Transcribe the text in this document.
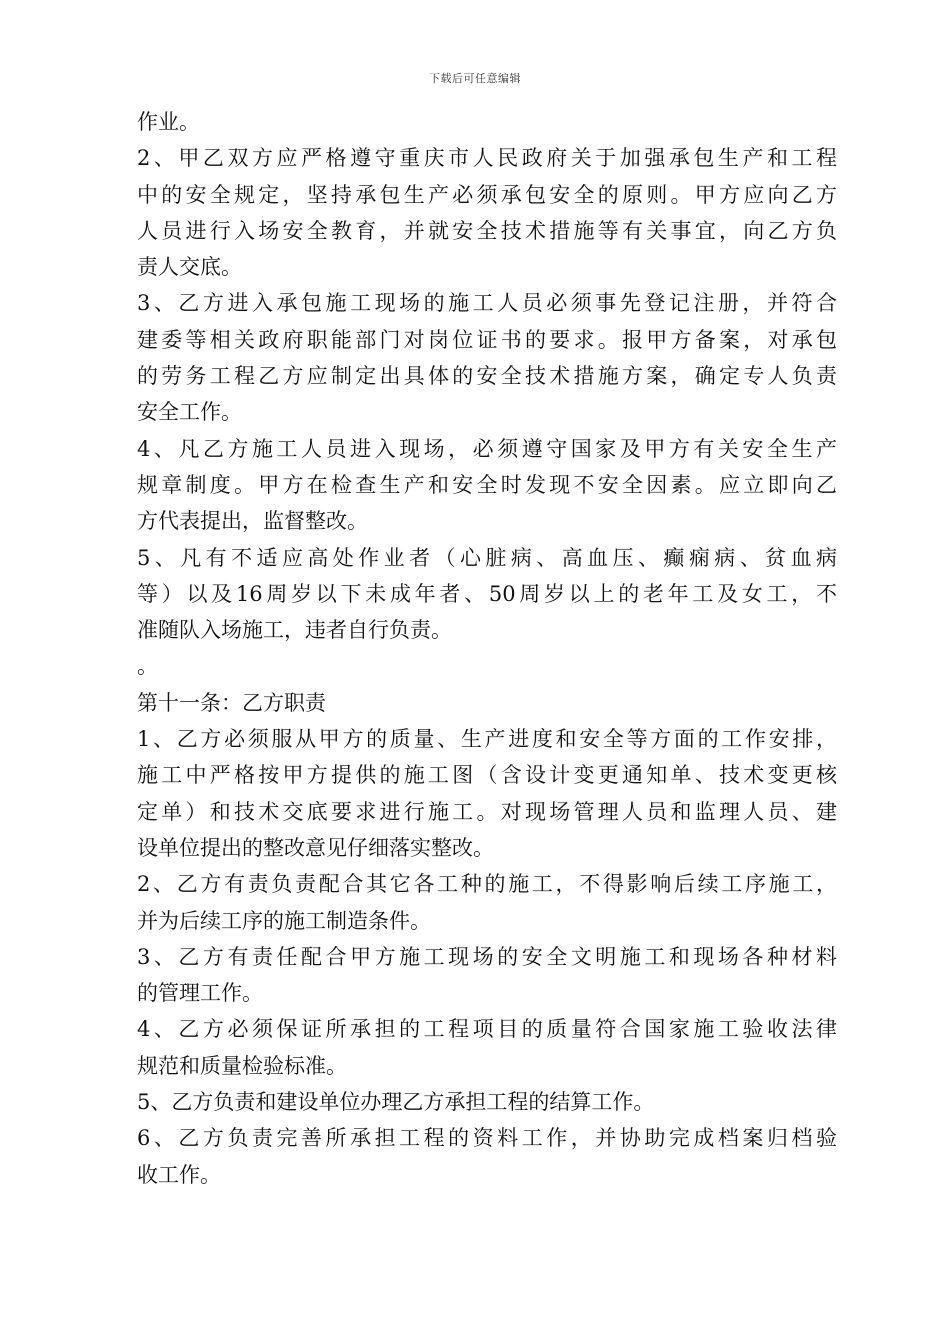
下载后可任意编辑
作业。
2、甲乙双方应严格遵守重庆市人民政府关于加强承包生产和工程
中的安全规定，坚持承包生产必须承包安全的原则。甲方应向乙方
人员进行入场安全教育，并就安全技术措施等有关事宜，向乙方负
责人交底。
3、乙方进入承包施工现场的施工人员必须事先登记注册，并符合
建委等相关政府职能部门对岗位证书的要求。报甲方备案，对承包
的劳务工程乙方应制定出具体的安全技术措施方案，确定专人负责
安全工作。
4、凡乙方施工人员进入现场，必须遵守国家及甲方有关安全生产
规章制度。甲方在检查生产和安全时发现不安全因素。应立即向乙
方代表提出，监督整改。
5、凡有不适应高处作业者（心脏病、高血压、癫痫病、贫血病
等）以及16周岁以下未成年者、50周岁以上的老年工及女工，不
准随队入场施工，违者自行负责。
。
第十一条：乙方职责
1、乙方必须服从甲方的质量、生产进度和安全等方面的工作安排，
施工中严格按甲方提供的施工图（含设计变更通知单、技术变更核
定单）和技术交底要求进行施工。对现场管理人员和监理人员、建
设单位提出的整改意见仔细落实整改。
2、乙方有责负责配合其它各工种的施工，不得影响后续工序施工，
并为后续工序的施工制造条件。
3、乙方有责任配合甲方施工现场的安全文明施工和现场各种材料
的管理工作。
4、乙方必须保证所承担的工程项目的质量符合国家施工验收法律
规范和质量检验标准。
5、乙方负责和建设单位办理乙方承担工程的结算工作。
6、乙方负责完善所承担工程的资料工作，并协助完成档案归档验
收工作。
